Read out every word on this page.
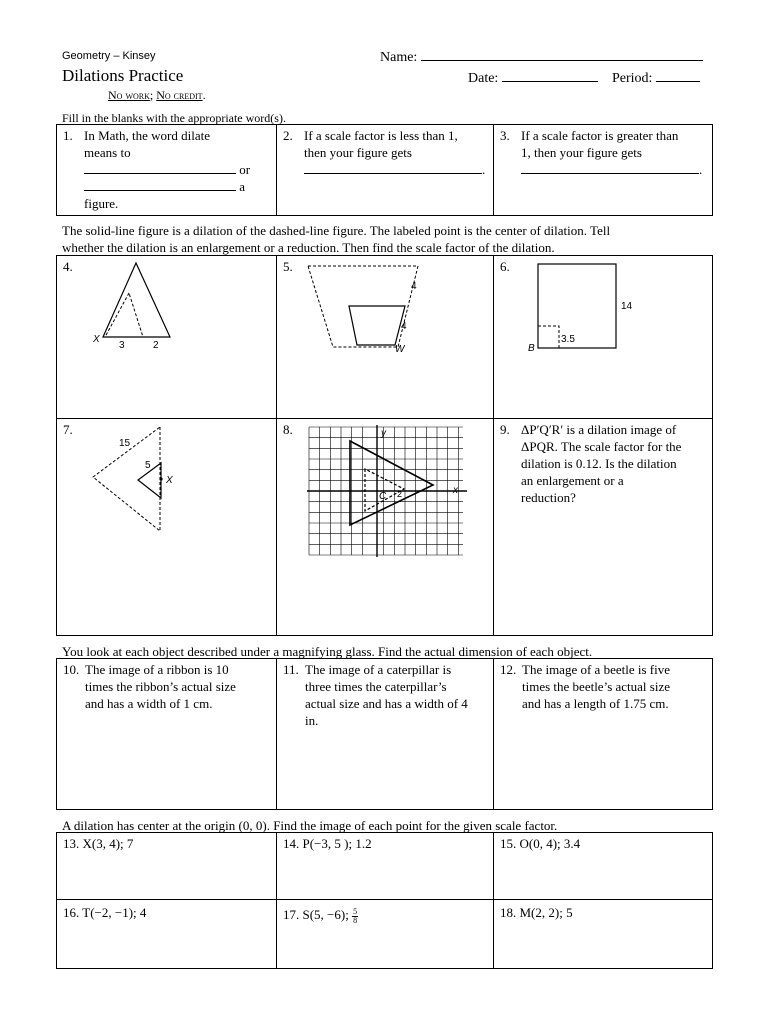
Geometry – Kinsey
Dilations Practice
No work; No credit.
Name:
Date:	Period:
Fill in the blanks with the appropriate word(s).
1. In Math, the word dilate
means to
or
a
figure.
2. If a scale factor is less than 1,
then your figure gets
.
3. If a scale factor is greater than
1, then your figure gets
.
The solid-line figure is a dilation of the dashed-line figure. The labeled point is the center of dilation. Tell
whether the dilation is an enlargement or a reduction. Then find the scale factor of the dilation.
4.
X
3	2
5.
4
4
W
6.
14
3.5
B
7.
15
5
X
8.	y
x
C 2
9. ΔP′Q′R′ is a dilation image of
ΔPQR. The scale factor for the
dilation is 0.12. Is the dilation
an enlargement or a
reduction?
You look at each object described under a magnifying glass. Find the actual dimension of each object.
10. The image of a ribbon is 10
times the ribbon’s actual size
and has a width of 1 cm.
11. The image of a caterpillar is
three times the caterpillar’s
actual size and has a width of 4
in.
12. The image of a beetle is five
times the beetle’s actual size
and has a length of 1.75 cm.
A dilation has center at the origin (0, 0). Find the image of each point for the given scale factor.
13. X(3, 4); 7	14. P(−3, 5 ); 1.2	15. O(0, 4); 3.4
16. T(−2, −1); 4	17. S(5, −6); $\frac{5}{8}$	18. M(2, 2); 5
